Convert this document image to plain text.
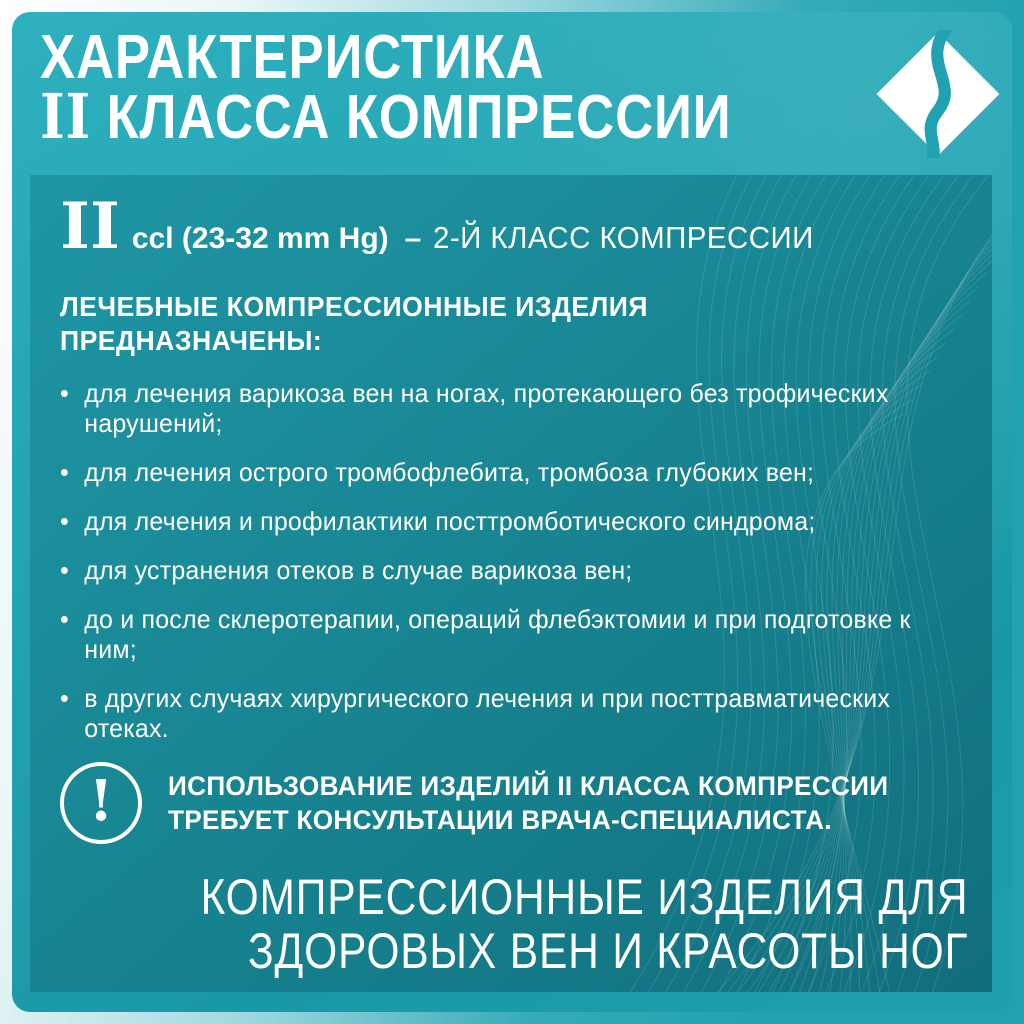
ХАРАКТЕРИСТИКА
II КЛАССА КОМПРЕССИИ
II ccl (23-32 mm Hg) – 2-Й КЛАСС КОМПРЕССИИ
ЛЕЧЕБНЫЕ КОМПРЕССИОННЫЕ ИЗДЕЛИЯ
ПРЕДНАЗНАЧЕНЫ:
• для лечения варикоза вен на ногах, протекающего без трофических нарушений;
• для лечения острого тромбофлебита, тромбоза глубоких вен;
• для лечения и профилактики посттромботического синдрома;
• для устранения отеков в случае варикоза вен;
• до и после склеротерапии, операций флебэктомии и при подготовке к ним;
• в других случаях хирургического лечения и при посттравматических отеках.
!	ИСПОЛЬЗОВАНИЕ ИЗДЕЛИЙ II КЛАССА КОМПРЕССИИ
ТРЕБУЕТ КОНСУЛЬТАЦИИ ВРАЧА-СПЕЦИАЛИСТА.
КОМПРЕССИОННЫЕ ИЗДЕЛИЯ ДЛЯ
ЗДОРОВЫХ ВЕН И КРАСОТЫ НОГ
